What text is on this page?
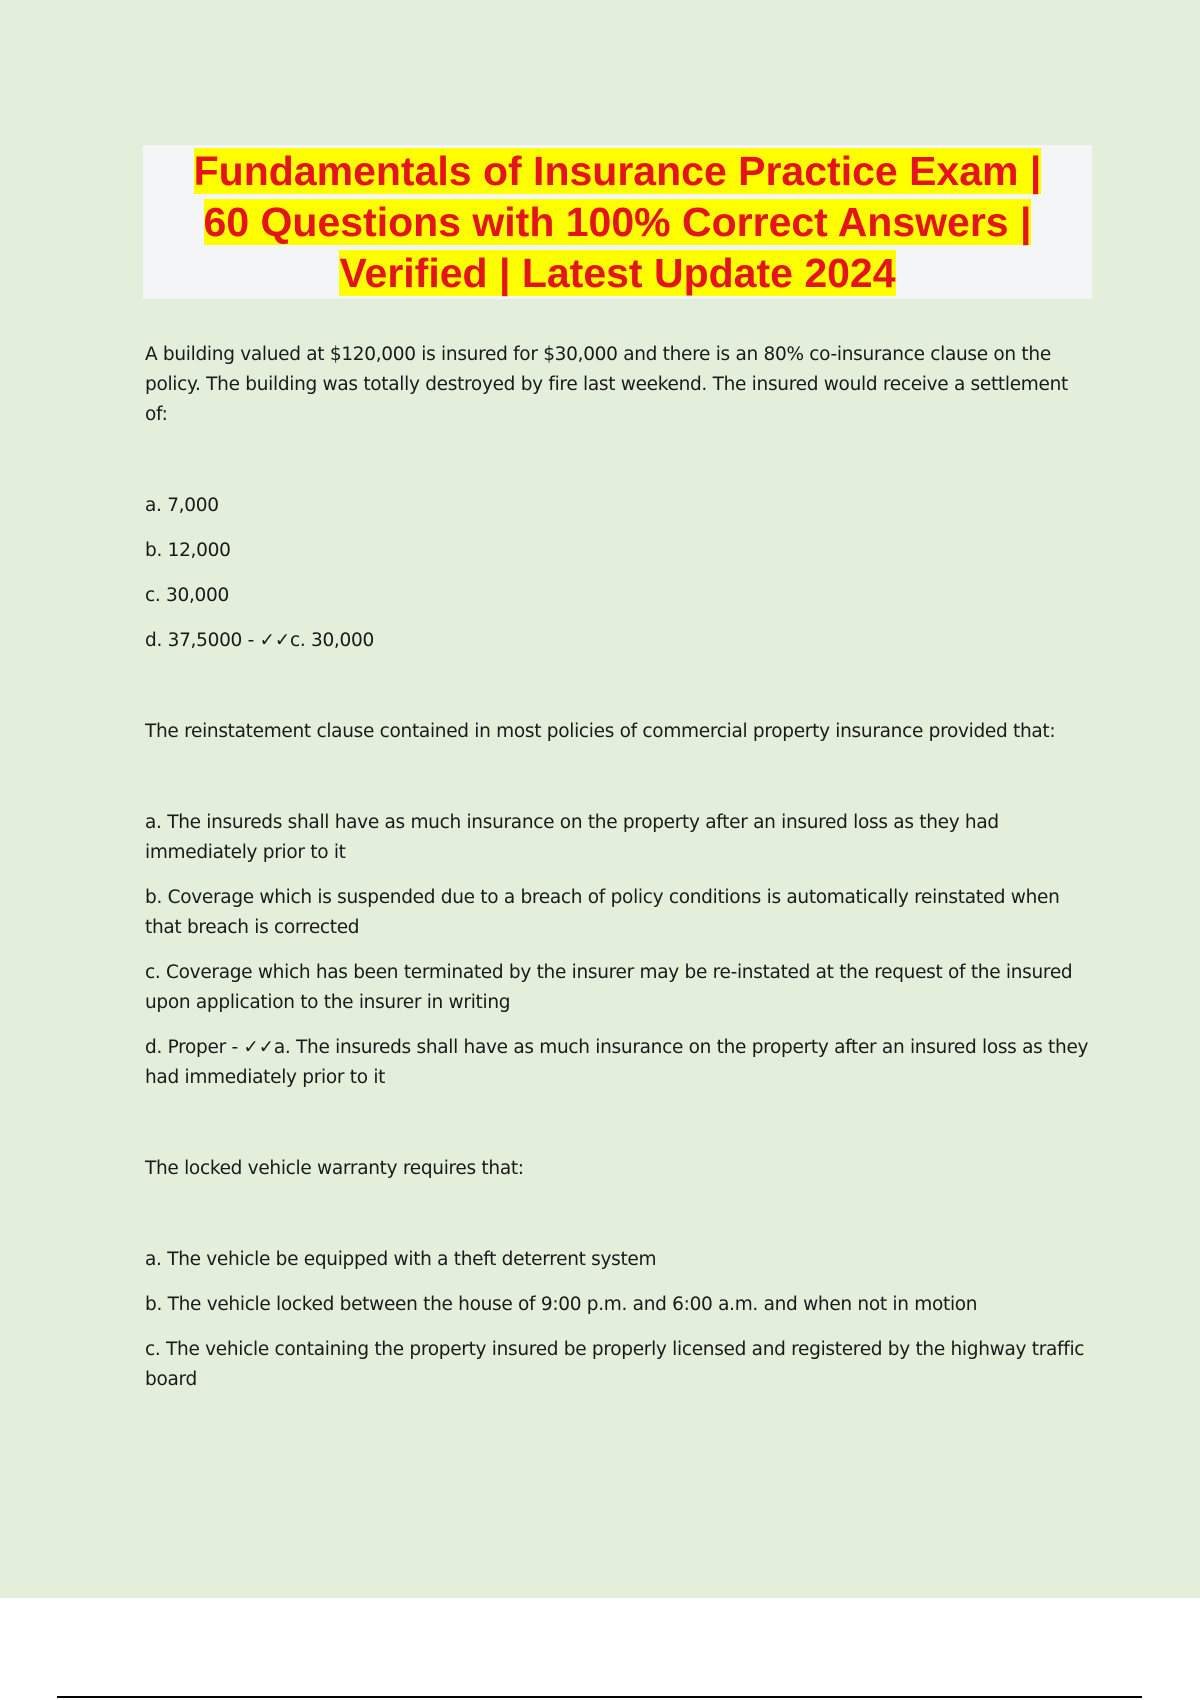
Fundamentals of Insurance Practice Exam |
60 Questions with 100% Correct Answers |
Verified | Latest Update 2024

A building valued at $120,000 is insured for $30,000 and there is an 80% co-insurance clause on the policy. The building was totally destroyed by fire last weekend. The insured would receive a settlement of:

a. 7,000

b. 12,000

c. 30,000

d. 37,5000 - ✓✓c. 30,000

The reinstatement clause contained in most policies of commercial property insurance provided that:

a. The insureds shall have as much insurance on the property after an insured loss as they had immediately prior to it

b. Coverage which is suspended due to a breach of policy conditions is automatically reinstated when that breach is corrected

c. Coverage which has been terminated by the insurer may be re-instated at the request of the insured upon application to the insurer in writing

d. Proper - ✓✓a. The insureds shall have as much insurance on the property after an insured loss as they had immediately prior to it

The locked vehicle warranty requires that:

a. The vehicle be equipped with a theft deterrent system

b. The vehicle locked between the house of 9:00 p.m. and 6:00 a.m. and when not in motion

c. The vehicle containing the property insured be properly licensed and registered by the highway traffic board
